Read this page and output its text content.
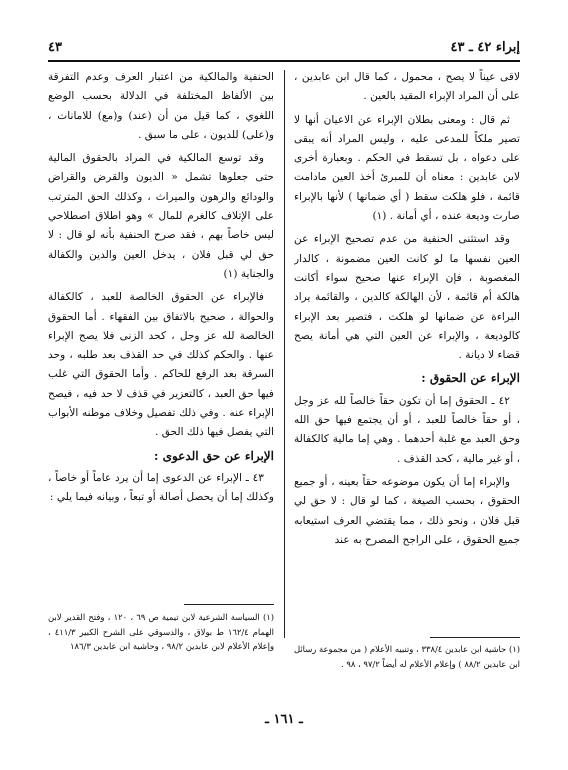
إبراء ٤٢ ـ ٤٣
٤٣

لاقى عيناً لا يصح ، محمول ، كما قال ابن عابدين ، على أن المراد الإبراء المقيد بالعين .

ثم قال : ومعنى بطلان الإبراء عن الاعيان أنها لا تصير ملكاً للمدعى عليه ، وليس المراد أنه يبقى على دعواه ، بل تسقط في الحكم . وبعبارة أخرى لابن عابدين : معناه أن للمبرئ أخذ العين مادامت قائمة ، فلو هلكت سقط ( أي ضمانها ) لأنها بالإبراء صارت وديعة عنده ، أي أمانة . (١)

وقد استثنى الحنفية من عدم تصحيح الإبراء عن العين نفسها ما لو كانت العين مضمونة ، كالدار المغصوبة ، فإن الإبراء عنها صحيح سواء أكانت هالكة أم قائمة ، لأن الهالكة كالدين ، والقائمة يراد البراءة عن ضمانها لو هلكت ، فتصير بعد الإبراء كالوديعة ، والإبراء عن العين التي هي أمانة يصح قضاء لا ديانة .

الإبراء عن الحقوق :

٤٢ ـ الحقوق إما أن تكون حقاً خالصاً لله عز وجل ، أو حقاً خالصاً للعبد ، أو أن يجتمع فيها حق الله وحق العبد مع غلبة أحدهما . وهي إما مالية كالكفالة ، أو غير مالية ، كحد القذف .

والإبراء إما أن يكون موضوعه حقاً بعينه ، أو جميع الحقوق ، بحسب الصيغة ، كما لو قال : لا حق لي قبل فلان ، ونحو ذلك ، مما يقتضي العرف استيعابه جميع الحقوق ، على الراجح المصرح به عند

الحنفية والمالكية من اعتبار العرف وعدم التفرقة بين الألفاظ المختلفة في الدلالة بحسب الوضع اللغوي ، كما قيل من أن (عند) و(مع) للامانات ، و(على) للديون ، على ما سبق .

وقد توسع المالكية في المراد بالحقوق المالية حتى جعلوها تشمل « الديون والقرض والقراض والودائع والرهون والميراث ، وكذلك الحق المترتب على الإتلاف كالغرم للمال » وهو اطلاق اصطلاحي ليس خاصاً بهم ، فقد صرح الحنفية بأنه لو قال : لا حق لي قبل فلان ، يدخل العين والدين والكفالة والجناية (١)

فالإبراء عن الحقوق الخالصة للعبد ، كالكفالة والحوالة ، صحيح بالاتفاق بين الفقهاء . أما الحقوق الخالصة لله عز وجل ، كحد الزنى فلا يصح الإبراء عنها . والحكم كذلك في حد القذف بعد طلبه ، وحد السرقة بعد الرفع للحاكم . وأما الحقوق التي غلب فيها حق العبد ، كالتعزير في قذف لا حد فيه ، فيصح الإبراء عنه . وفي ذلك تفصيل وخلاف موطنه الأبواب التي يفصل فيها ذلك الحق .

الإبراء عن حق الدعوى :

٤٣ ـ الإبراء عن الدعوى إما أن يرد عاماً أو خاصاً ، وكذلك إما أن يحصل أصالة أو تبعاً ، وبيانه فيما يلي :

(١) حاشية ابن عابدين ٣٣٨/٤ ، وتنبيه الأعلام ( من مجموعة رسائل ابن عابدين ٨٨/٢ ) وإعلام الأعلام له أيضاً ٩٧/٢ ، ٩٨ .

(١) السياسة الشرعية لابن تيمية ص ٦٩ ، ١٢٠ ، وفتح القدير لابن الهمام ١٦٢/٤ ط بولاق ، والدسوقي على الشرح الكبير ٤١١/٣ ، وإعلام الأعلام لابن عابدين ٩٨/٢ ، وحاشية ابن عابدين ١٨٦/٣

ـ ١٦١ ـ
